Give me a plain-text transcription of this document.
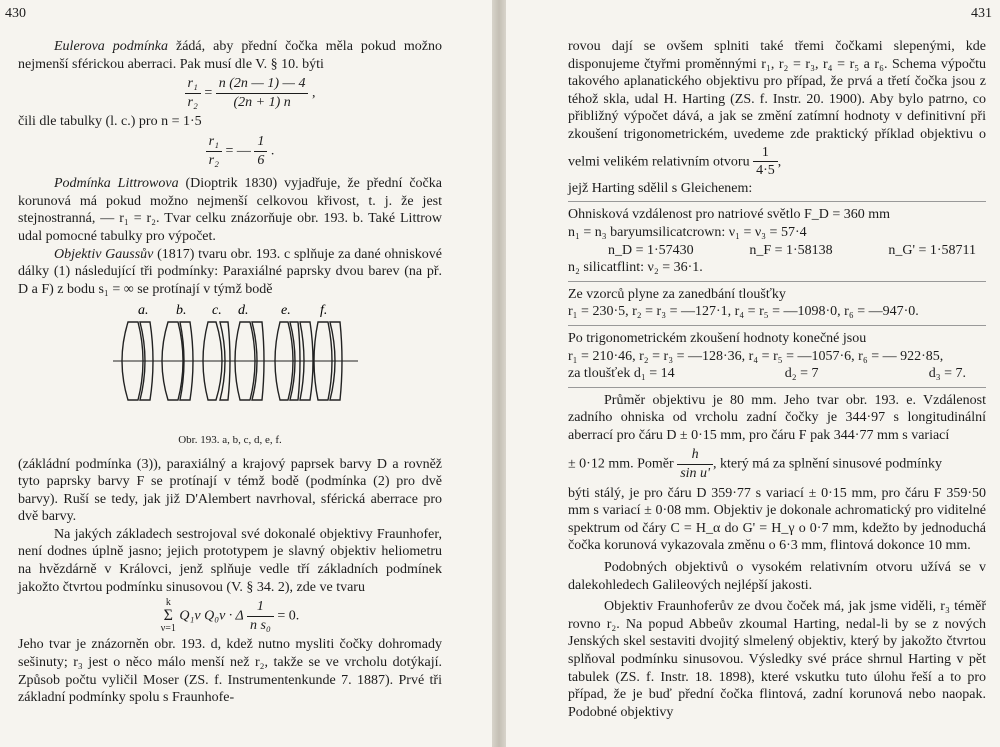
430

Eulerova podmínka žádá, aby přední čočka měla pokud možno nejmenší sférickou aberraci. Pak musí dle V. § 10. býti

$\frac{\text{r₁}}{\text{r₂}} = \frac{n (2n — 1) — 4}{(2n + 1) n}$ ,

čili dle tabulky (l. c.) pro n = 1·5

$\frac{\text{r₁}}{\text{r₂}}$ = — $\frac{1}{6}$ .

Podmínka Littrowova (Dioptrik 1830) vyjadřuje, že přední čočka korunová má pokud možno nejmenší celkovou křivost, t. j. že jest stejnostranná, — r₁ = r₂. Tvar celku znázorňuje obr. 193. b. Také Littrow udal pomocné tabulky pro výpočet.

Objektiv Gaussův (1817) tvaru obr. 193. c splňuje za dané ohniskové dálky (1) následující tři podmínky: Paraxiálné paprsky dvou barev (na př. D a F) z bodu s₁ = ∞ se protínají v týmž bodě

a. b. c. d. e. f.
Obr. 193. a, b, c, d, e, f.

(zákládní podmínka (3)), paraxiálný a krajový paprsek barvy D a rovněž tyto paprsky barvy F se protínají v témž bodě (podmínka (2) pro dvě barvy). Ruší se tedy, jak již D'Alembert navrhoval, sférická aberrace pro dvě barvy.

Na jakých základech sestrojoval své dokonalé objektivy Fraunhofer, není dodnes úplně jasno; jejich prototypem je slavný objektiv heliometru na hvězdárně v Královci, jenž splňuje vedle tří základních podmínek jakožto čtvrtou podmínku sinusovou (V. § 34. 2), zde ve tvaru

k
Σ
ν=1
Q₁ν Q₀ν · Δ $\frac{1}{\text{n s₀}} = 0$.

Jeho tvar je znázorněn obr. 193. d, kdež nutno mysliti čočky dohromady sešinuty; r₃ jest o něco málo menší než r₂, takže se ve vrcholu dotýkají. Způsob počtu vyličil Moser (ZS. f. Instrumentenkunde 7. 1887). Prvé tři základní podmínky spolu s Fraunhofe-

431

rovou dají se ovšem splniti také třemi čočkami slepenými, kde disponujeme čtyřmi proměnnými r₁, r₂ = r₃, r₄ = r₅ a r₆. Schema výpočtu takového aplanatického objektivu pro případ, že prvá a třetí čočka jsou z téhož skla, udal H. Harting (ZS. f. Instr. 20. 1900). Aby bylo patrno, co přibližný výpočet dává, a jak se změní zatímní hodnoty v definitivní při zkoušení trigonometrickém, uvedeme zde praktický příklad objektivu o velmi velikém relativním otvoru $\frac{1}{4\cdot 5}$ ,

jejž Harting sdělil s Gleichenem:

Ohnisková vzdálenost pro natriové světlo F_D = 360 mm
n₁ = n₃ baryumsilicatcrown: ν₁ = ν₃ = 57·4
n_D = 1·57430	n_F = 1·58138	n_G' = 1·58711
n₂ silicatflint: ν₂ = 36·1.
Ze vzorců plyne za zanedbání tloušťky
r₁ = 230·5, r₂ = r₃ = —127·1, r₄ = r₅ = —1098·0, r₆ = —947·0.
Po trigonometrickém zkoušení hodnoty konečné jsou
r₁ = 210·46, r₂ = r₃ = —128·36, r₄ = r₅ = —1057·6, r₆ = — 922·85,
za tloušťek d₁ = 14	d₂ = 7	d₃ = 7.

Průměr objektivu je 80 mm. Jeho tvar obr. 193. e. Vzdálenost zadního ohniska od vrcholu zadní čočky je 344·97 s longitudinální aberrací pro čáru D ± 0·15 mm, pro čáru F pak 344·77 mm s variací

± 0·12 mm. Poměr $\frac{h}{\text{sin u'}}$ , který má za splnění sinusové podmínky

býti stálý, je pro čáru D 359·77 s variací ± 0·15 mm, pro čáru F 359·50 mm s variací ± 0·08 mm. Objektiv je dokonale achromatický pro viditelné spektrum od čáry C = H_α do G' = H_γ o 0·7 mm, kdežto by jednoduchá čočka korunová vykazovala změnu o 6·3 mm, flintová dokonce 10 mm.

Podobných objektivů o vysokém relativním otvoru užívá se v dalekohledech Galileových nejlépší jakosti.

Objektiv Fraunhoferův ze dvou čoček má, jak jsme viděli, r₃ téměř rovno r₂. Na popud Abbeův zkoumal Harting, nedal-li by se z nových Jenských skel sestaviti dvojitý slmelený objektiv, který by jakožto čtvrtou splňoval podmínku sinusovou. Výsledky své práce shrnul Harting v pět tabulek (ZS. f. Instr. 18. 1898), které vskutku tuto úlohu řeší a to pro případ, že je buď přední čočka flintová, zadní korunová nebo naopak. Podobné objektivy
